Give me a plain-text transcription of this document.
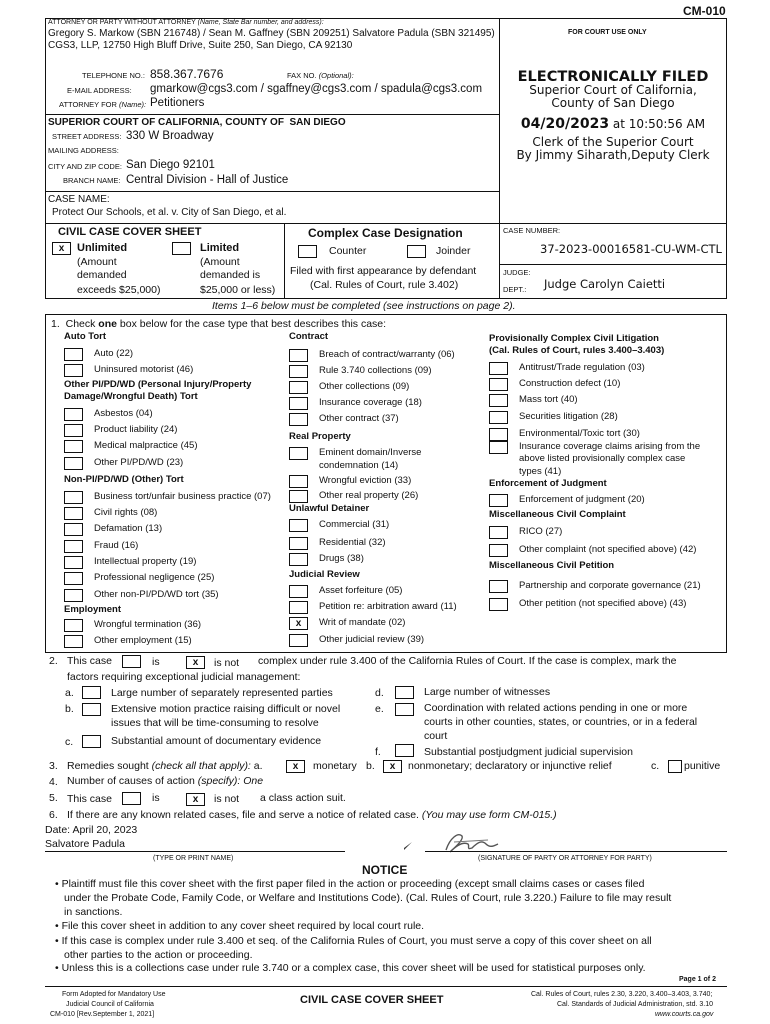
CM-010
ATTORNEY OR PARTY WITHOUT ATTORNEY (Name, State Bar number, and address):
Gregory S. Markow (SBN 216748) / Sean M. Gaffney (SBN 209251) Salvatore Padula (SBN 321495)
CGS3, LLP, 12750 High Bluff Drive, Suite 250, San Diego, CA 92130
FOR COURT USE ONLY
TELEPHONE NO.: 858.367.7676	FAX NO. (Optional):
E-MAIL ADDRESS: gmarkow@cgs3.com / sgaffney@cgs3.com / spadula@cgs3.com
ATTORNEY FOR (Name): Petitioners
SUPERIOR COURT OF CALIFORNIA, COUNTY OF SAN DIEGO
STREET ADDRESS: 330 W Broadway
MAILING ADDRESS:
CITY AND ZIP CODE: San Diego 92101
BRANCH NAME: Central Division - Hall of Justice
CASE NAME:
Protect Our Schools, et al. v. City of San Diego, et al.
ELECTRONICALLY FILED
Superior Court of California,
County of San Diego
04/20/2023 at 10:50:56 AM
Clerk of the Superior Court
By Jimmy Siharath,Deputy Clerk
CIVIL CASE COVER SHEET	Complex Case Designation
x	Unlimited
(Amount
demanded
exceeds $25,000)
Limited
(Amount
demanded is
$25,000 or less)
Counter	Joinder
Filed with first appearance by defendant
(Cal. Rules of Court, rule 3.402)
CASE NUMBER:
37-2023-00016581-CU-WM-CTL
JUDGE:
Judge Carolyn Caietti
DEPT.:
Items 1–6 below must be completed (see instructions on page 2).
1. Check one box below for the case type that best describes this case:
Auto Tort
Auto (22)
Uninsured motorist (46)
Other PI/PD/WD (Personal Injury/Property
Damage/Wrongful Death) Tort
Asbestos (04)
Product liability (24)
Medical malpractice (45)
Other PI/PD/WD (23)
Non-PI/PD/WD (Other) Tort
Business tort/unfair business practice (07)
Civil rights (08)
Defamation (13)
Fraud (16)
Intellectual property (19)
Professional negligence (25)
Other non-PI/PD/WD tort (35)
Employment
Wrongful termination (36)
Other employment (15)
Contract
Breach of contract/warranty (06)
Rule 3.740 collections (09)
Other collections (09)
Insurance coverage (18)
Other contract (37)
Real Property
Eminent domain/Inverse
condemnation (14)
Wrongful eviction (33)
Other real property (26)
Unlawful Detainer
Commercial (31)
Residential (32)
Drugs (38)
Judicial Review
Asset forfeiture (05)
Petition re: arbitration award (11)
x	Writ of mandate (02)
Other judicial review (39)
Provisionally Complex Civil Litigation
(Cal. Rules of Court, rules 3.400–3.403)
Antitrust/Trade regulation (03)
Construction defect (10)
Mass tort (40)
Securities litigation (28)
Environmental/Toxic tort (30)
Insurance coverage claims arising from the
above listed provisionally complex case
types (41)
Enforcement of Judgment
Enforcement of judgment (20)
Miscellaneous Civil Complaint
RICO (27)
Other complaint (not specified above) (42)
Miscellaneous Civil Petition
Partnership and corporate governance (21)
Other petition (not specified above) (43)
2. This case	is	x	is not complex under rule 3.400 of the California Rules of Court. If the case is complex, mark the
factors requiring exceptional judicial management:
a.	Large number of separately represented parties
b.	Extensive motion practice raising difficult or novel
issues that will be time-consuming to resolve
c.	Substantial amount of documentary evidence
d.	Large number of witnesses
e.	Coordination with related actions pending in one or more
courts in other counties, states, or countries, or in a federal
court
f.	Substantial postjudgment judicial supervision
3. Remedies sought (check all that apply): a.	x	monetary b.	x	nonmonetary; declaratory or injunctive relief	c. punitive
4. Number of causes of action (specify): One
5. This case	is	x	is not a class action suit.
6. If there are any known related cases, file and serve a notice of related case. (You may use form CM-015.)
Date: April 20, 2023
Salvatore Padula
(TYPE OR PRINT NAME)	(SIGNATURE OF PARTY OR ATTORNEY FOR PARTY)
NOTICE
• Plaintiff must file this cover sheet with the first paper filed in the action or proceeding (except small claims cases or cases filed
under the Probate Code, Family Code, or Welfare and Institutions Code). (Cal. Rules of Court, rule 3.220.) Failure to file may result
in sanctions.
• File this cover sheet in addition to any cover sheet required by local court rule.
• If this case is complex under rule 3.400 et seq. of the California Rules of Court, you must serve a copy of this cover sheet on all
other parties to the action or proceeding.
• Unless this is a collections case under rule 3.740 or a complex case, this cover sheet will be used for statistical purposes only.
Page 1 of 2
Form Adopted for Mandatory Use
Judicial Council of California
CM-010 [Rev.September 1, 2021]
CIVIL CASE COVER SHEET	Cal. Rules of Court, rules 2.30, 3.220, 3.400–3.403, 3.740;
Cal. Standards of Judicial Administration, std. 3.10
www.courts.ca.gov
